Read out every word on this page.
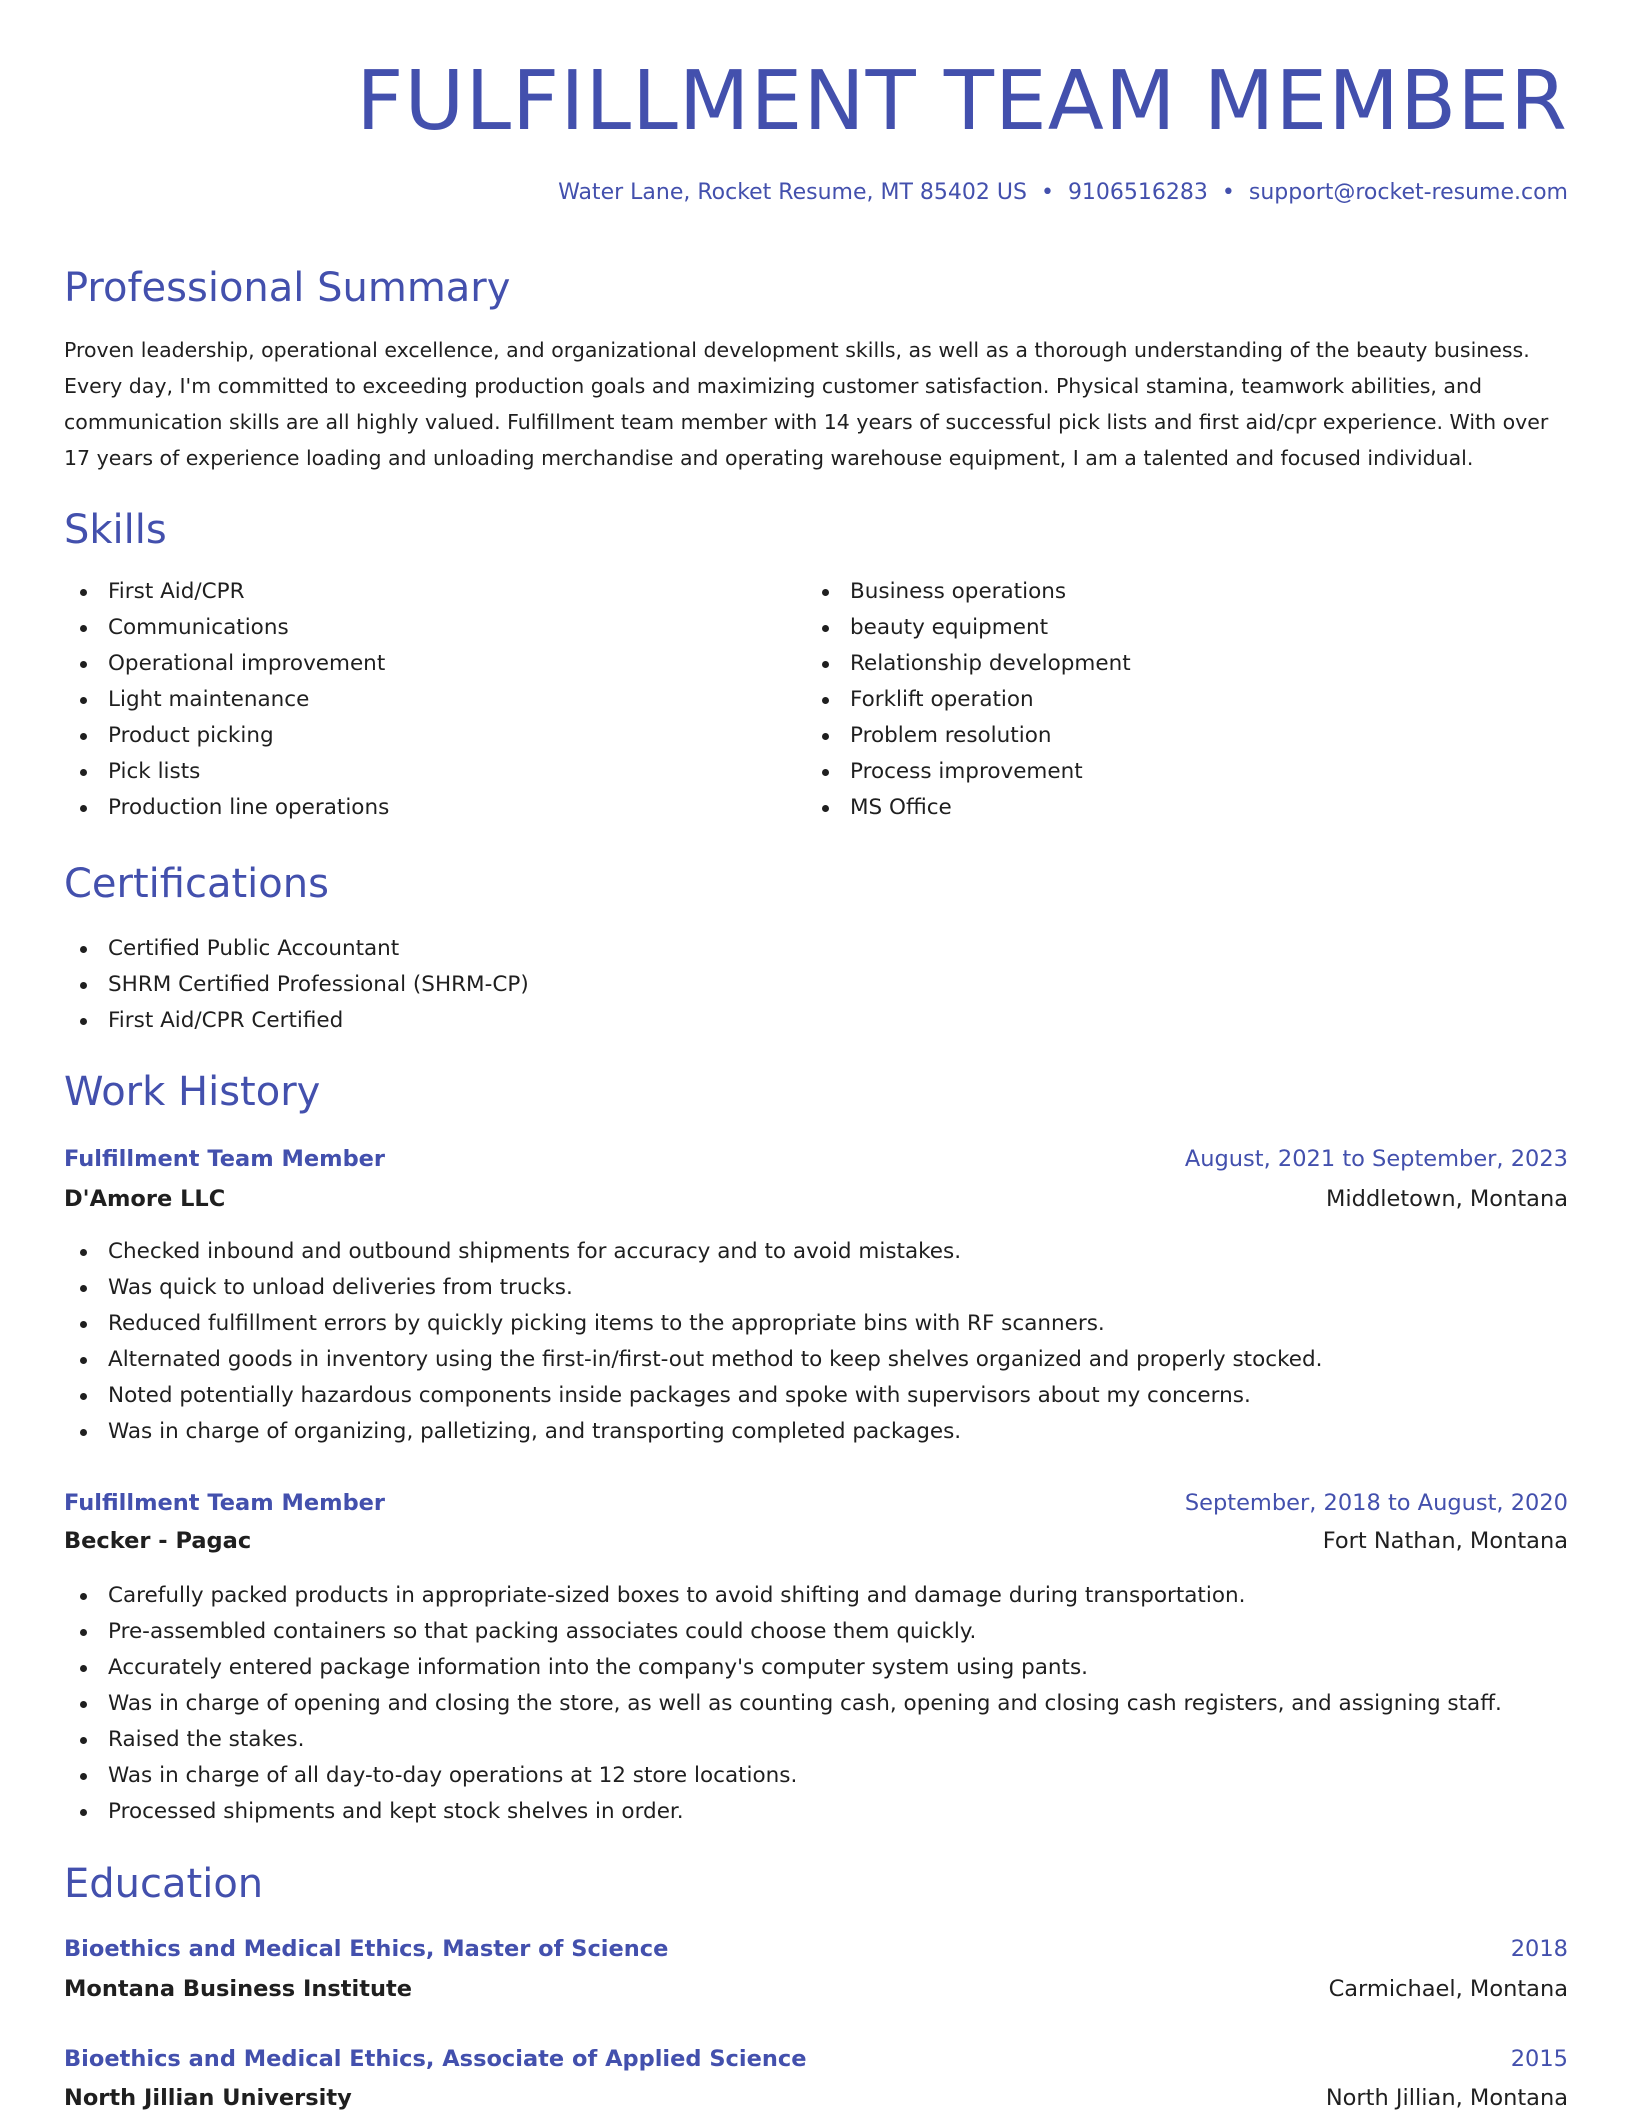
FULFILLMENT TEAM MEMBER
Water Lane, Rocket Resume, MT 85402 US • 9106516283 • support@rocket-resume.com
Professional Summary

Proven leadership, operational excellence, and organizational development skills, as well as a thorough understanding of the beauty business. Every day, I'm committed to exceeding production goals and maximizing customer satisfaction. Physical stamina, teamwork abilities, and communication skills are all highly valued. Fulfillment team member with 14 years of successful pick lists and first aid/cpr experience. With over 17 years of experience loading and unloading merchandise and operating warehouse equipment, I am a talented and focused individual.

Skills
First Aid/CPR
Communications
Operational improvement
Light maintenance
Product picking
Pick lists
Production line operations
Business operations
beauty equipment
Relationship development
Forklift operation
Problem resolution
Process improvement
MS Office
Certifications
Certified Public Accountant
SHRM Certified Professional (SHRM-CP)
First Aid/CPR Certified
Work History
Fulfillment Team Member	August, 2021 to September, 2023
D'Amore LLC	Middletown, Montana
Checked inbound and outbound shipments for accuracy and to avoid mistakes.
Was quick to unload deliveries from trucks.
Reduced fulfillment errors by quickly picking items to the appropriate bins with RF scanners.
Alternated goods in inventory using the first-in/first-out method to keep shelves organized and properly stocked.
Noted potentially hazardous components inside packages and spoke with supervisors about my concerns.
Was in charge of organizing, palletizing, and transporting completed packages.
Fulfillment Team Member	September, 2018 to August, 2020
Becker - Pagac	Fort Nathan, Montana
Carefully packed products in appropriate-sized boxes to avoid shifting and damage during transportation.
Pre-assembled containers so that packing associates could choose them quickly.
Accurately entered package information into the company's computer system using pants.
Was in charge of opening and closing the store, as well as counting cash, opening and closing cash registers, and assigning staff.
Raised the stakes.
Was in charge of all day-to-day operations at 12 store locations.
Processed shipments and kept stock shelves in order.
Education
Bioethics and Medical Ethics, Master of Science	2018
Montana Business Institute	Carmichael, Montana
Bioethics and Medical Ethics, Associate of Applied Science	2015
North Jillian University	North Jillian, Montana
